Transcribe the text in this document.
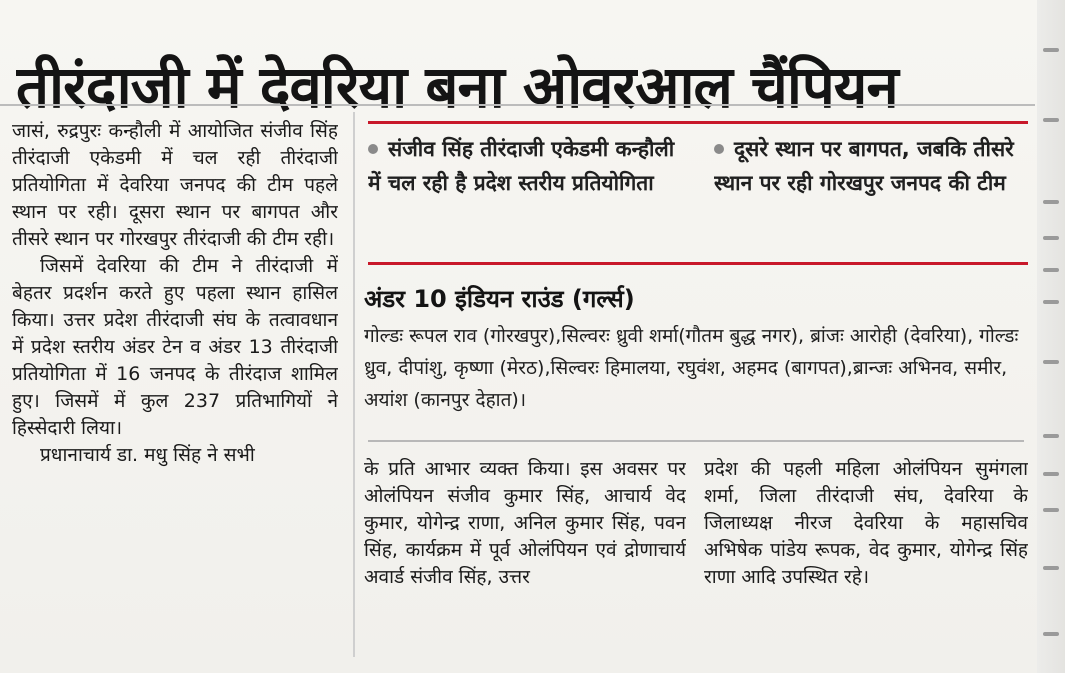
तीरंदाजी में देवरिया बना ओवरआल चैंपियन

जासं, रुद्रपुरः कन्हौली में आयोजित संजीव सिंह तीरंदाजी एकेडमी में चल रही तीरंदाजी प्रतियोगिता में देवरिया जनपद की टीम पहले स्थान पर रही। दूसरा स्थान पर बागपत और तीसरे स्थान पर गोरखपुर तीरंदाजी की टीम रही।

जिसमें देवरिया की टीम ने तीरंदाजी में बेहतर प्रदर्शन करते हुए पहला स्थान हासिल किया। उत्तर प्रदेश तीरंदाजी संघ के तत्वावधान में प्रदेश स्तरीय अंडर टेन व अंडर 13 तीरंदाजी प्रतियोगिता में 16 जनपद के तीरंदाज शामिल हुए। जिसमें में कुल 237 प्रतिभागियों ने हिस्सेदारी लिया।

प्रधानाचार्य डा. मधु सिंह ने सभी

संजीव सिंह तीरंदाजी एकेडमी कन्हौली में चल रही है प्रदेश स्तरीय प्रतियोगिता
दूसरे स्थान पर बागपत, जबकि तीसरे स्थान पर रही गोरखपुर जनपद की टीम

अंडर 10 इंडियन राउंड (गर्ल्स)

गोल्डः रूपल राव (गोरखपुर),सिल्वरः ध्रुवी शर्मा(गौतम बुद्ध नगर), ब्रांजः आरोही (देवरिया), गोल्डः ध्रुव, दीपांशु, कृष्णा (मेरठ),सिल्वरः हिमालया, रघुवंश, अहमद (बागपत),ब्रान्जः अभिनव, समीर, अयांश (कानपुर देहात)।

के प्रति आभार व्यक्त किया। इस अवसर पर ओलंपियन संजीव कुमार सिंह, आचार्य वेद कुमार, योगेन्द्र राणा, अनिल कुमार सिंह, पवन सिंह, कार्यक्रम में पूर्व ओलंपियन एवं द्रोणाचार्य अवार्ड संजीव सिंह, उत्तर

प्रदेश की पहली महिला ओलंपियन सुमंगला शर्मा, जिला तीरंदाजी संघ, देवरिया के जिलाध्यक्ष नीरज देवरिया के महासचिव अभिषेक पांडेय रूपक, वेद कुमार, योगेन्द्र सिंह राणा आदि उपस्थित रहे।
